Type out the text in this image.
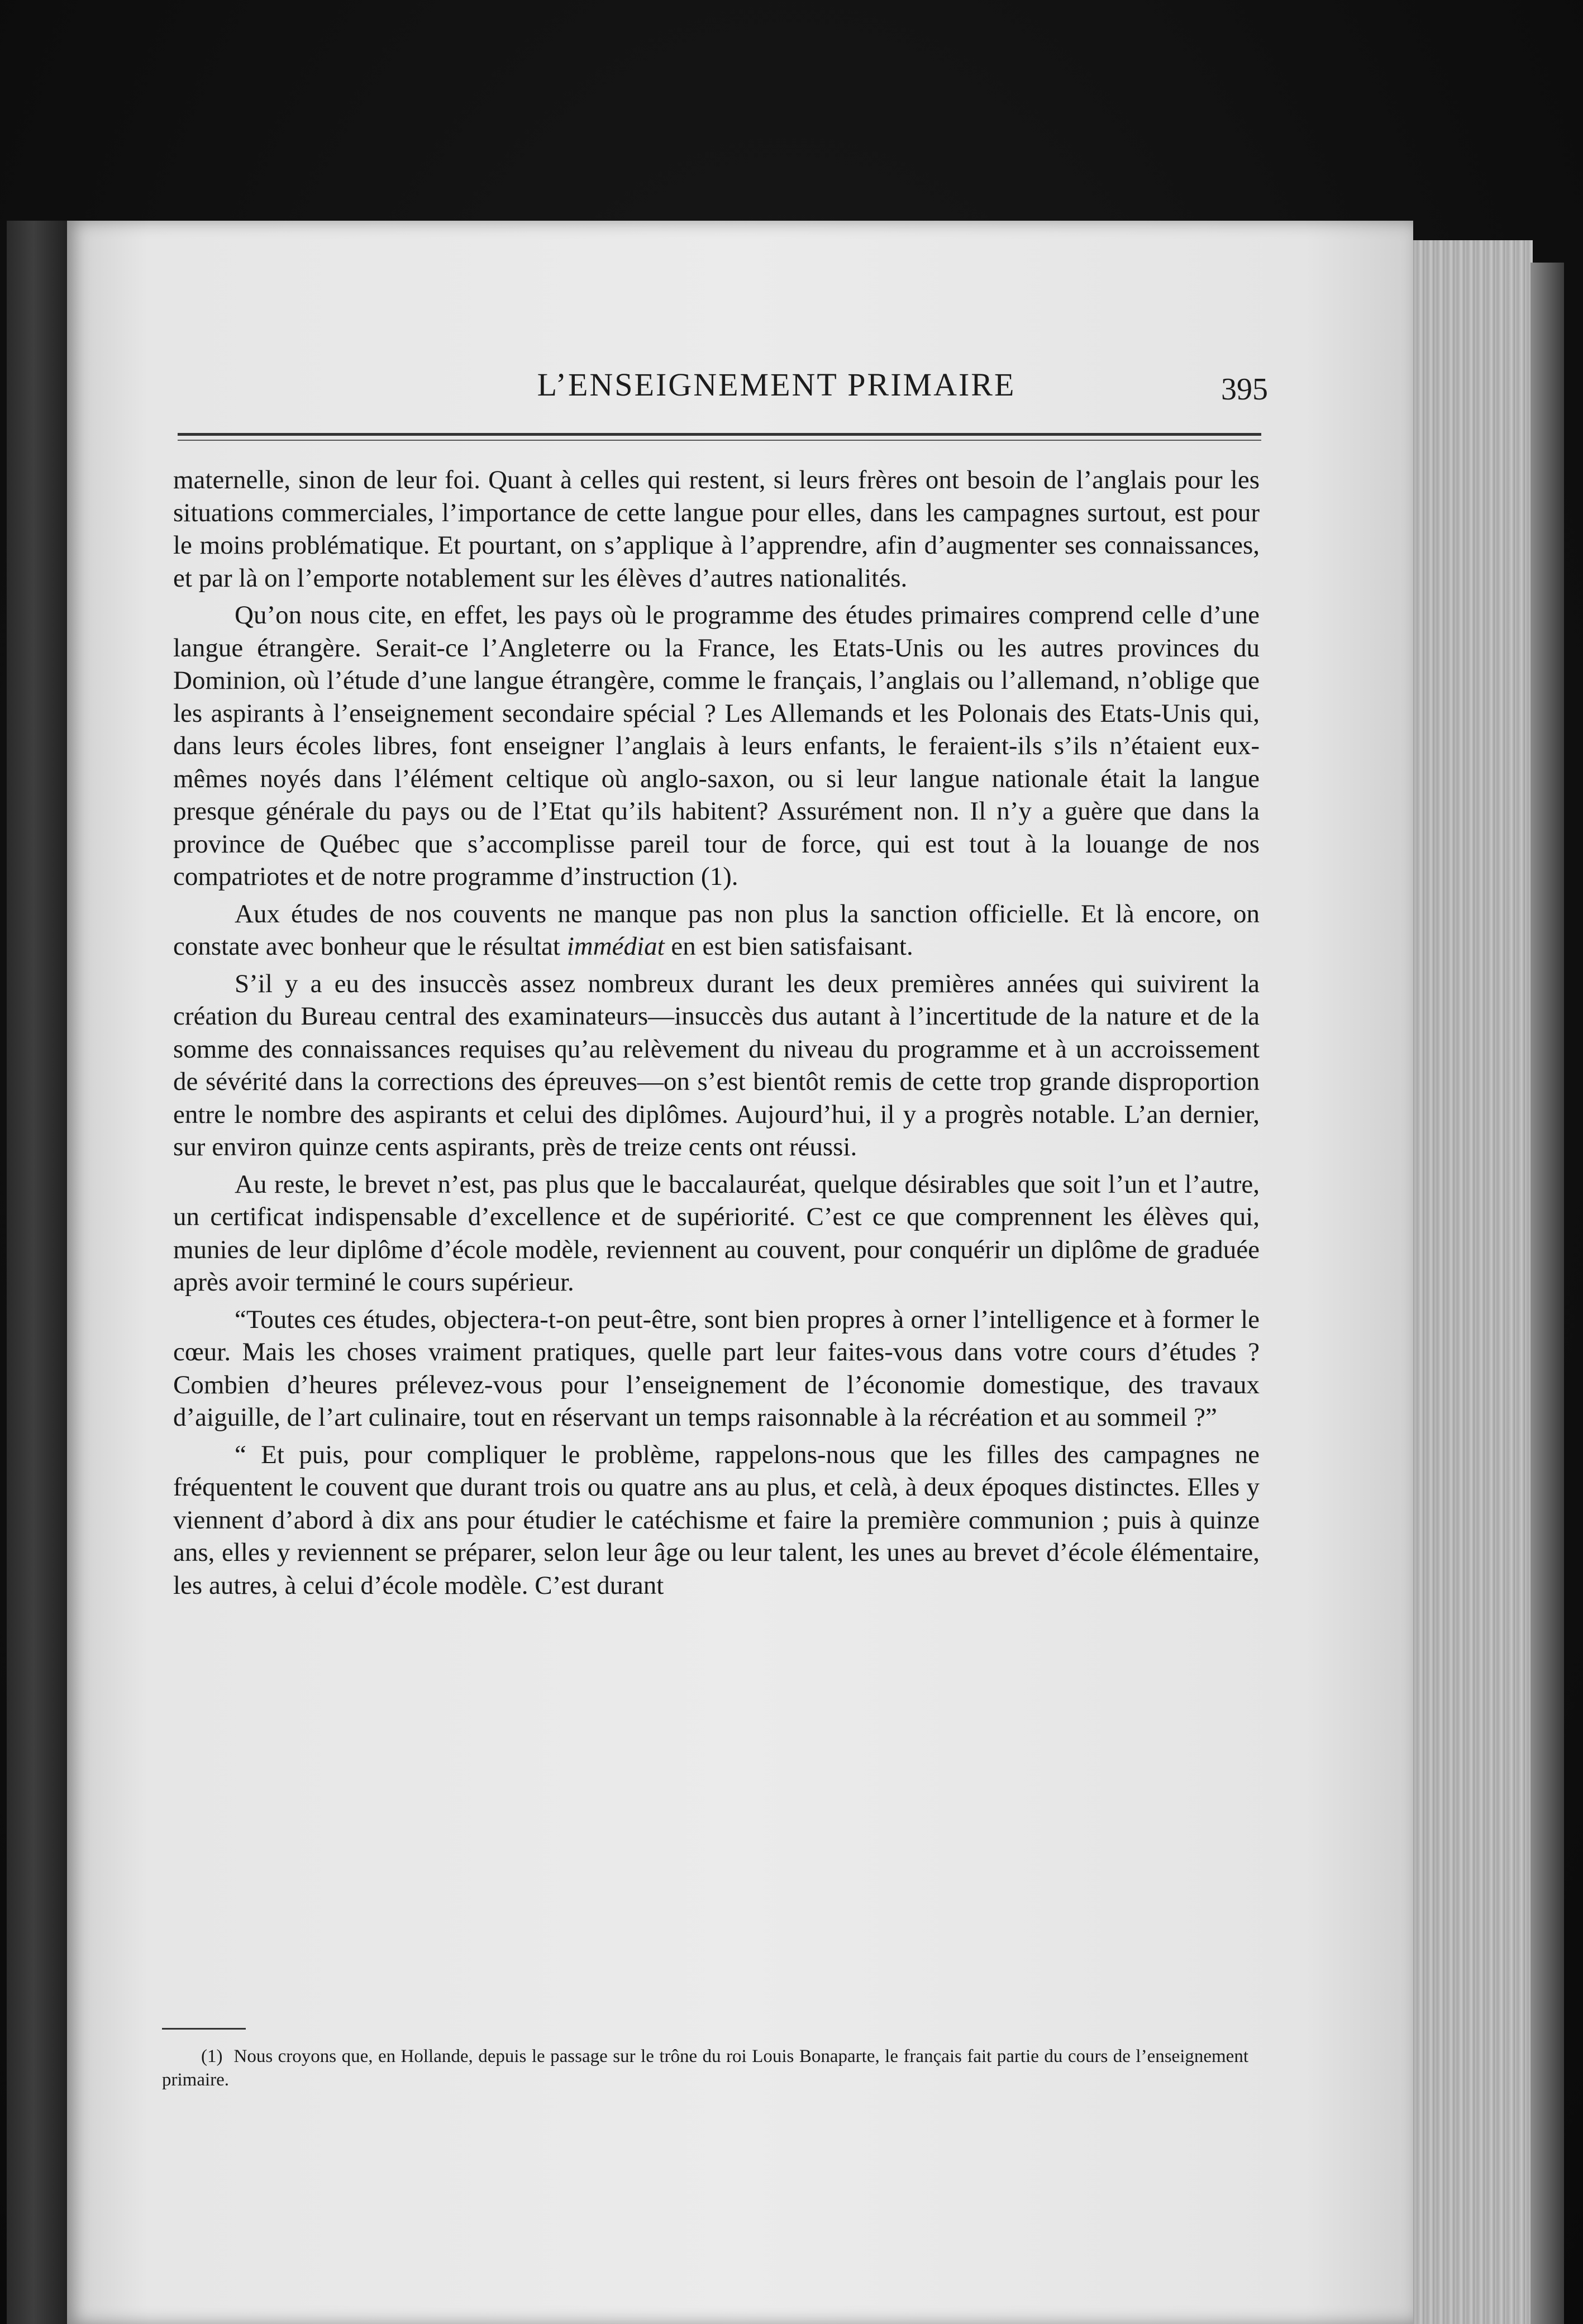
L’ENSEIGNEMENT PRIMAIRE	395

maternelle, sinon de leur foi. Quant à celles qui restent, si leurs frères ont besoin de l’anglais pour les situations commerciales, l’importance de cette langue pour elles, dans les campagnes surtout, est pour le moins problématique. Et pourtant, on s’applique à l’apprendre, afin d’augmenter ses connaissances, et par là on l’emporte notablement sur les élèves d’autres nationalités.

Qu’on nous cite, en effet, les pays où le programme des études primaires comprend celle d’une langue étrangère. Serait-ce l’Angleterre ou la France, les Etats-Unis ou les autres provinces du Dominion, où l’étude d’une langue étrangère, comme le français, l’anglais ou l’allemand, n’oblige que les aspirants à l’enseignement secondaire spécial ? Les Allemands et les Polonais des Etats-Unis qui, dans leurs écoles libres, font enseigner l’anglais à leurs enfants, le feraient-ils s’ils n’étaient eux-mêmes noyés dans l’élément celtique où anglo-saxon, ou si leur langue nationale était la langue presque générale du pays ou de l’Etat qu’ils habitent? Assurément non. Il n’y a guère que dans la province de Québec que s’accomplisse pareil tour de force, qui est tout à la louange de nos compatriotes et de notre programme d’instruction (1).

Aux études de nos couvents ne manque pas non plus la sanction officielle. Et là encore, on constate avec bonheur que le résultat immédiat en est bien satisfaisant.

S’il y a eu des insuccès assez nombreux durant les deux premières années qui suivirent la création du Bureau central des examinateurs—insuccès dus autant à l’incertitude de la nature et de la somme des connaissances requises qu’au relèvement du niveau du programme et à un accroissement de sévérité dans la corrections des épreuves—on s’est bientôt remis de cette trop grande disproportion entre le nombre des aspirants et celui des diplômes. Aujourd’hui, il y a progrès notable. L’an dernier, sur environ quinze cents aspirants, près de treize cents ont réussi.

Au reste, le brevet n’est, pas plus que le baccalauréat, quelque désirables que soit l’un et l’autre, un certificat indispensable d’excellence et de supériorité. C’est ce que comprennent les élèves qui, munies de leur diplôme d’école modèle, reviennent au couvent, pour conquérir un diplôme de graduée après avoir terminé le cours supérieur.

“Toutes ces études, objectera-t-on peut-être, sont bien propres à orner l’intelligence et à former le cœur. Mais les choses vraiment pratiques, quelle part leur faites-vous dans votre cours d’études ? Combien d’heures prélevez-vous pour l’enseignement de l’économie domestique, des travaux d’aiguille, de l’art culinaire, tout en réservant un temps raisonnable à la récréation et au sommeil ?”

“ Et puis, pour compliquer le problème, rappelons-nous que les filles des campagnes ne fréquentent le couvent que durant trois ou quatre ans au plus, et celà, à deux époques distinctes. Elles y viennent d’abord à dix ans pour étudier le catéchisme et faire la première communion ; puis à quinze ans, elles y reviennent se préparer, selon leur âge ou leur talent, les unes au brevet d’école élémentaire, les autres, à celui d’école modèle. C’est durant

(1) Nous croyons que, en Hollande, depuis le passage sur le trône du roi Louis Bonaparte, le français fait partie du cours de l’enseignement primaire.
